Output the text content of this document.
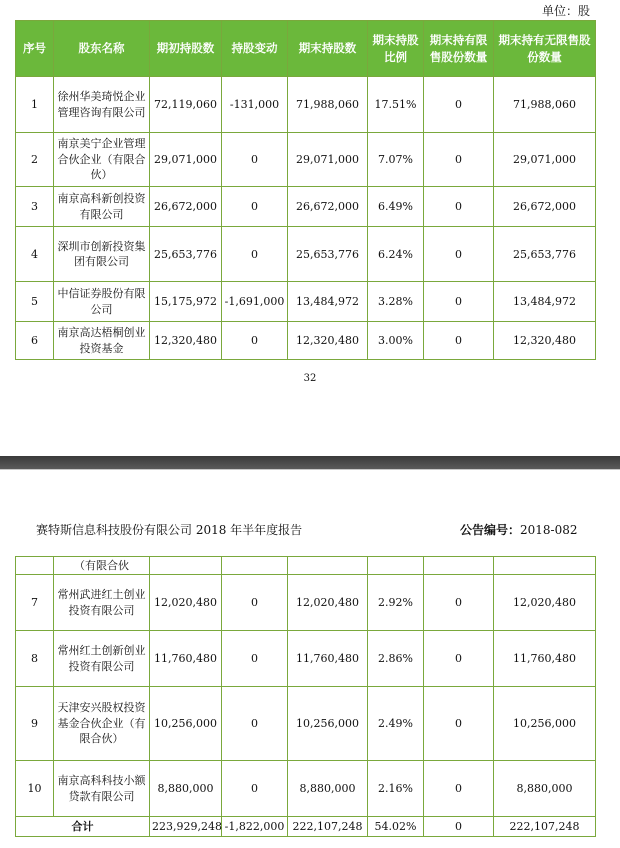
单位：股
序号	股东名称	期初持股数	持股变动	期末持股数	期末持股比例	期末持有限售股份数量	期末持有无限售股份数量
1	徐州华美琦悦企业管理咨询有限公司	72,119,060	-131,000	71,988,060	17.51%	0	71,988,060
2	南京美宁企业管理合伙企业（有限合伙）	29,071,000	0	29,071,000	7.07%	0	29,071,000
3	南京高科新创投资有限公司	26,672,000	0	26,672,000	6.49%	0	26,672,000
4	深圳市创新投资集团有限公司	25,653,776	0	25,653,776	6.24%	0	25,653,776
5	中信证券股份有限公司	15,175,972	-1,691,000	13,484,972	3.28%	0	13,484,972
6	南京高达梧桐创业投资基金	12,320,480	0	12,320,480	3.00%	0	12,320,480
32
赛特斯信息科技股份有限公司 2018 年半年度报告	公告编号：2018-082
	（有限合伙						
7	常州武进红土创业投资有限公司	12,020,480	0	12,020,480	2.92%	0	12,020,480
8	常州红土创新创业投资有限公司	11,760,480	0	11,760,480	2.86%	0	11,760,480
9	天津安兴股权投资基金合伙企业（有限合伙）	10,256,000	0	10,256,000	2.49%	0	10,256,000
10	南京高科科技小额贷款有限公司	8,880,000	0	8,880,000	2.16%	0	8,880,000
合计		223,929,248	-1,822,000	222,107,248	54.02%	0	222,107,248
